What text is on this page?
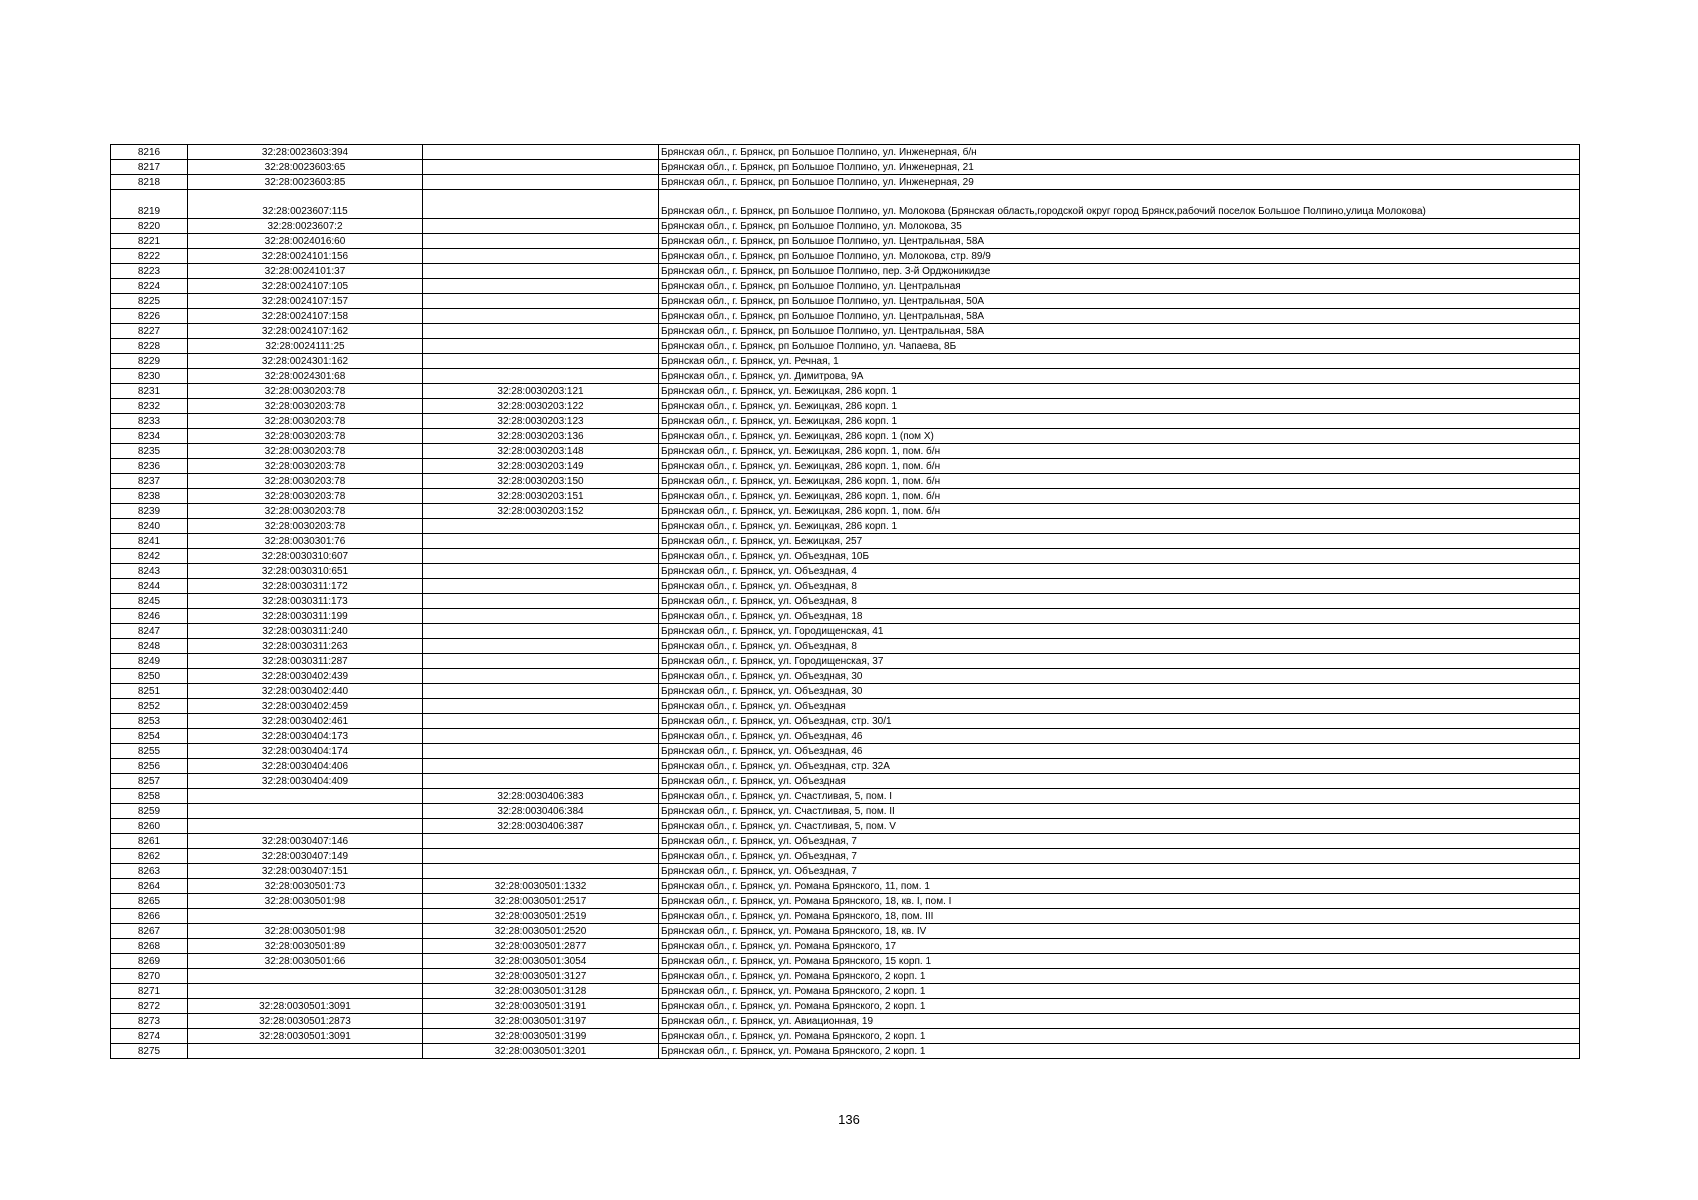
8216	32:28:0023603:394		Брянская обл., г. Брянск, рп Большое Полпино, ул. Инженерная, б/н
8217	32:28:0023603:65		Брянская обл., г. Брянск, рп Большое Полпино, ул. Инженерная, 21
8218	32:28:0023603:85		Брянская обл., г. Брянск, рп Большое Полпино, ул. Инженерная, 29
8219	32:28:0023607:115		Брянская обл., г. Брянск, рп Большое Полпино, ул. Молокова (Брянская область,городской округ город Брянск,рабочий поселок Большое Полпино,улица Молокова)
8220	32:28:0023607:2		Брянская обл., г. Брянск, рп Большое Полпино, ул. Молокова, 35
8221	32:28:0024016:60		Брянская обл., г. Брянск, рп Большое Полпино, ул. Центральная, 58А
8222	32:28:0024101:156		Брянская обл., г. Брянск, рп Большое Полпино, ул. Молокова, стр. 89/9
8223	32:28:0024101:37		Брянская обл., г. Брянск, рп Большое Полпино, пер. 3-й Орджоникидзе
8224	32:28:0024107:105		Брянская обл., г. Брянск, рп Большое Полпино, ул. Центральная
8225	32:28:0024107:157		Брянская обл., г. Брянск, рп Большое Полпино, ул. Центральная, 50А
8226	32:28:0024107:158		Брянская обл., г. Брянск, рп Большое Полпино, ул. Центральная, 58А
8227	32:28:0024107:162		Брянская обл., г. Брянск, рп Большое Полпино, ул. Центральная, 58А
8228	32:28:0024111:25		Брянская обл., г. Брянск, рп Большое Полпино, ул. Чапаева, 8Б
8229	32:28:0024301:162		Брянская обл., г. Брянск, ул. Речная, 1
8230	32:28:0024301:68		Брянская обл., г. Брянск, ул. Димитрова, 9А
8231	32:28:0030203:78	32:28:0030203:121	Брянская обл., г. Брянск, ул. Бежицкая, 286 корп. 1
8232	32:28:0030203:78	32:28:0030203:122	Брянская обл., г. Брянск, ул. Бежицкая, 286 корп. 1
8233	32:28:0030203:78	32:28:0030203:123	Брянская обл., г. Брянск, ул. Бежицкая, 286 корп. 1
8234	32:28:0030203:78	32:28:0030203:136	Брянская обл., г. Брянск, ул. Бежицкая, 286 корп. 1 (пом X)
8235	32:28:0030203:78	32:28:0030203:148	Брянская обл., г. Брянск, ул. Бежицкая, 286 корп. 1, пом. б/н
8236	32:28:0030203:78	32:28:0030203:149	Брянская обл., г. Брянск, ул. Бежицкая, 286 корп. 1, пом. б/н
8237	32:28:0030203:78	32:28:0030203:150	Брянская обл., г. Брянск, ул. Бежицкая, 286 корп. 1, пом. б/н
8238	32:28:0030203:78	32:28:0030203:151	Брянская обл., г. Брянск, ул. Бежицкая, 286 корп. 1, пом. б/н
8239	32:28:0030203:78	32:28:0030203:152	Брянская обл., г. Брянск, ул. Бежицкая, 286 корп. 1, пом. б/н
8240	32:28:0030203:78		Брянская обл., г. Брянск, ул. Бежицкая, 286 корп. 1
8241	32:28:0030301:76		Брянская обл., г. Брянск, ул. Бежицкая, 257
8242	32:28:0030310:607		Брянская обл., г. Брянск, ул. Объездная, 10Б
8243	32:28:0030310:651		Брянская обл., г. Брянск, ул. Объездная, 4
8244	32:28:0030311:172		Брянская обл., г. Брянск, ул. Объездная, 8
8245	32:28:0030311:173		Брянская обл., г. Брянск, ул. Объездная, 8
8246	32:28:0030311:199		Брянская обл., г. Брянск, ул. Объездная, 18
8247	32:28:0030311:240		Брянская обл., г. Брянск, ул. Городищенская, 41
8248	32:28:0030311:263		Брянская обл., г. Брянск, ул. Объездная, 8
8249	32:28:0030311:287		Брянская обл., г. Брянск, ул. Городищенская, 37
8250	32:28:0030402:439		Брянская обл., г. Брянск, ул. Объездная, 30
8251	32:28:0030402:440		Брянская обл., г. Брянск, ул. Объездная, 30
8252	32:28:0030402:459		Брянская обл., г. Брянск, ул. Объездная
8253	32:28:0030402:461		Брянская обл., г. Брянск, ул. Объездная, стр. 30/1
8254	32:28:0030404:173		Брянская обл., г. Брянск, ул. Объездная, 46
8255	32:28:0030404:174		Брянская обл., г. Брянск, ул. Объездная, 46
8256	32:28:0030404:406		Брянская обл., г. Брянск, ул. Объездная, стр. 32А
8257	32:28:0030404:409		Брянская обл., г. Брянск, ул. Объездная
8258		32:28:0030406:383	Брянская обл., г. Брянск, ул. Счастливая, 5, пом. I
8259		32:28:0030406:384	Брянская обл., г. Брянск, ул. Счастливая, 5, пом. II
8260		32:28:0030406:387	Брянская обл., г. Брянск, ул. Счастливая, 5, пом. V
8261	32:28:0030407:146		Брянская обл., г. Брянск, ул. Объездная, 7
8262	32:28:0030407:149		Брянская обл., г. Брянск, ул. Объездная, 7
8263	32:28:0030407:151		Брянская обл., г. Брянск, ул. Объездная, 7
8264	32:28:0030501:73	32:28:0030501:1332	Брянская обл., г. Брянск, ул. Романа Брянского, 11, пом. 1
8265	32:28:0030501:98	32:28:0030501:2517	Брянская обл., г. Брянск, ул. Романа Брянского, 18, кв. I, пом. I
8266		32:28:0030501:2519	Брянская обл., г. Брянск, ул. Романа Брянского, 18, пом. III
8267	32:28:0030501:98	32:28:0030501:2520	Брянская обл., г. Брянск, ул. Романа Брянского, 18, кв. IV
8268	32:28:0030501:89	32:28:0030501:2877	Брянская обл., г. Брянск, ул. Романа Брянского, 17
8269	32:28:0030501:66	32:28:0030501:3054	Брянская обл., г. Брянск, ул. Романа Брянского, 15 корп. 1
8270		32:28:0030501:3127	Брянская обл., г. Брянск, ул. Романа Брянского, 2 корп. 1
8271		32:28:0030501:3128	Брянская обл., г. Брянск, ул. Романа Брянского, 2 корп. 1
8272	32:28:0030501:3091	32:28:0030501:3191	Брянская обл., г. Брянск, ул. Романа Брянского, 2 корп. 1
8273	32:28:0030501:2873	32:28:0030501:3197	Брянская обл., г. Брянск, ул. Авиационная, 19
8274	32:28:0030501:3091	32:28:0030501:3199	Брянская обл., г. Брянск, ул. Романа Брянского, 2 корп. 1
8275		32:28:0030501:3201	Брянская обл., г. Брянск, ул. Романа Брянского, 2 корп. 1
136
